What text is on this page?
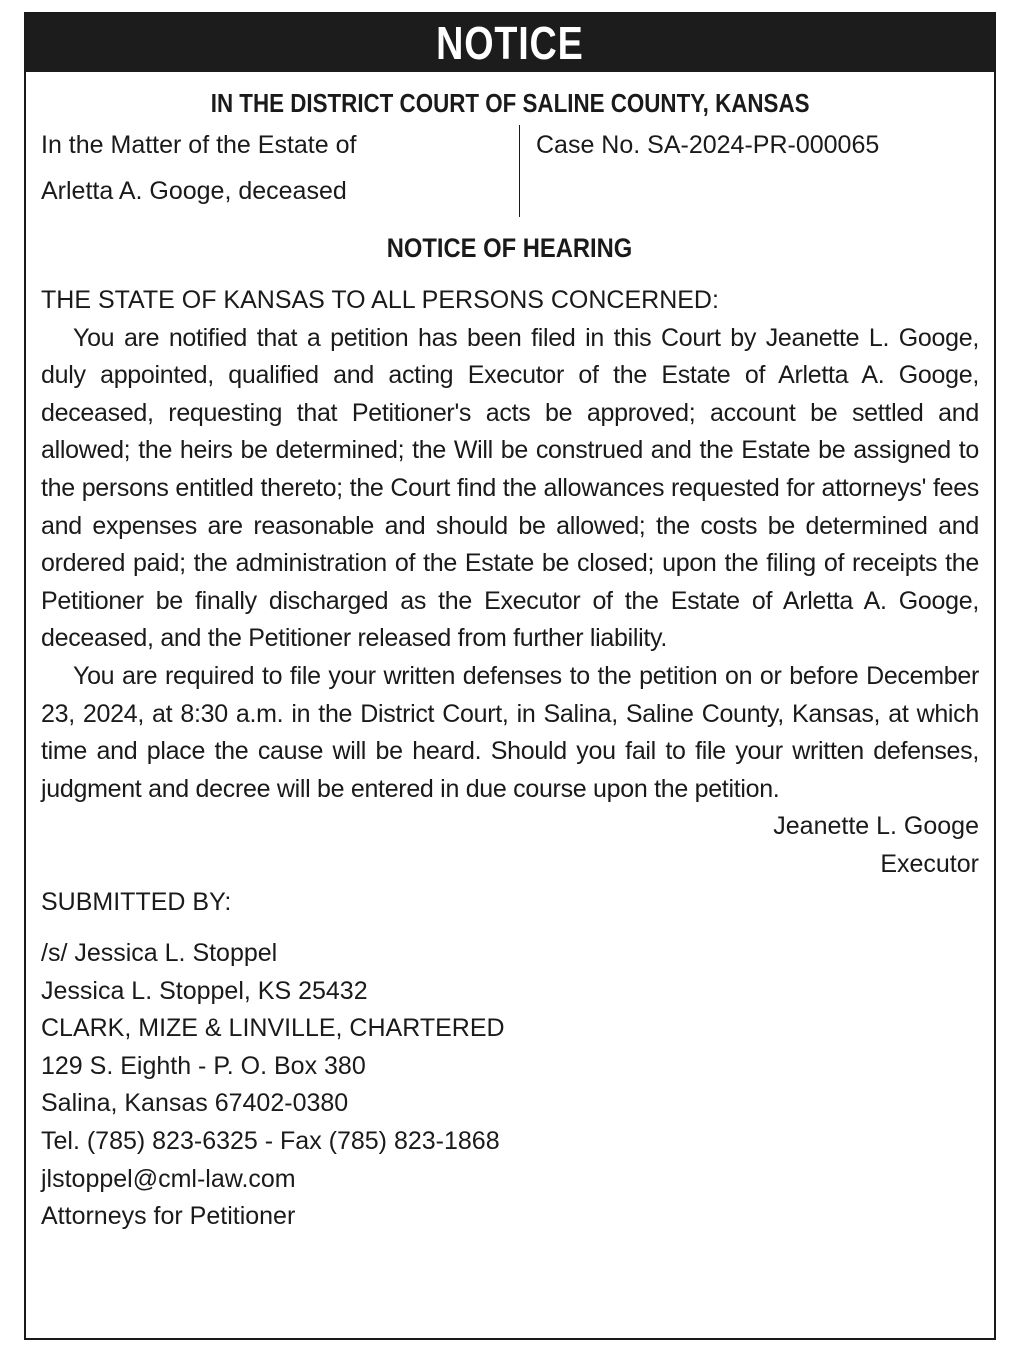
NOTICE
IN THE DISTRICT COURT OF SALINE COUNTY, KANSAS
In the Matter of the Estate of
Arletta A. Googe, deceased
Case No. SA-2024-PR-000065
NOTICE OF HEARING
THE STATE OF KANSAS TO ALL PERSONS CONCERNED:
You are notified that a petition has been filed in this Court by Jeanette L. Googe, duly appointed, qualified and acting Executor of the Estate of Arletta A. Googe, deceased, requesting that Petitioner's acts be approved; account be settled and allowed; the heirs be determined; the Will be construed and the Estate be assigned to the persons entitled thereto; the Court find the allowances requested for attorneys' fees and expenses are reasonable and should be allowed; the costs be determined and ordered paid; the administration of the Estate be closed; upon the filing of receipts the Petitioner be finally discharged as the Executor of the Estate of Arletta A. Googe, deceased, and the Petitioner released from further liability.
You are required to file your written defenses to the petition on or before December 23, 2024, at 8:30 a.m. in the District Court, in Salina, Saline County, Kansas, at which time and place the cause will be heard. Should you fail to file your written defenses, judgment and decree will be entered in due course upon the petition.
Jeanette L. Googe
Executor
SUBMITTED BY:
/s/ Jessica L. Stoppel
Jessica L. Stoppel, KS 25432
CLARK, MIZE & LINVILLE, CHARTERED
129 S. Eighth - P. O. Box 380
Salina, Kansas 67402-0380
Tel. (785) 823-6325 - Fax (785) 823-1868
jlstoppel@cml-law.com
Attorneys for Petitioner
